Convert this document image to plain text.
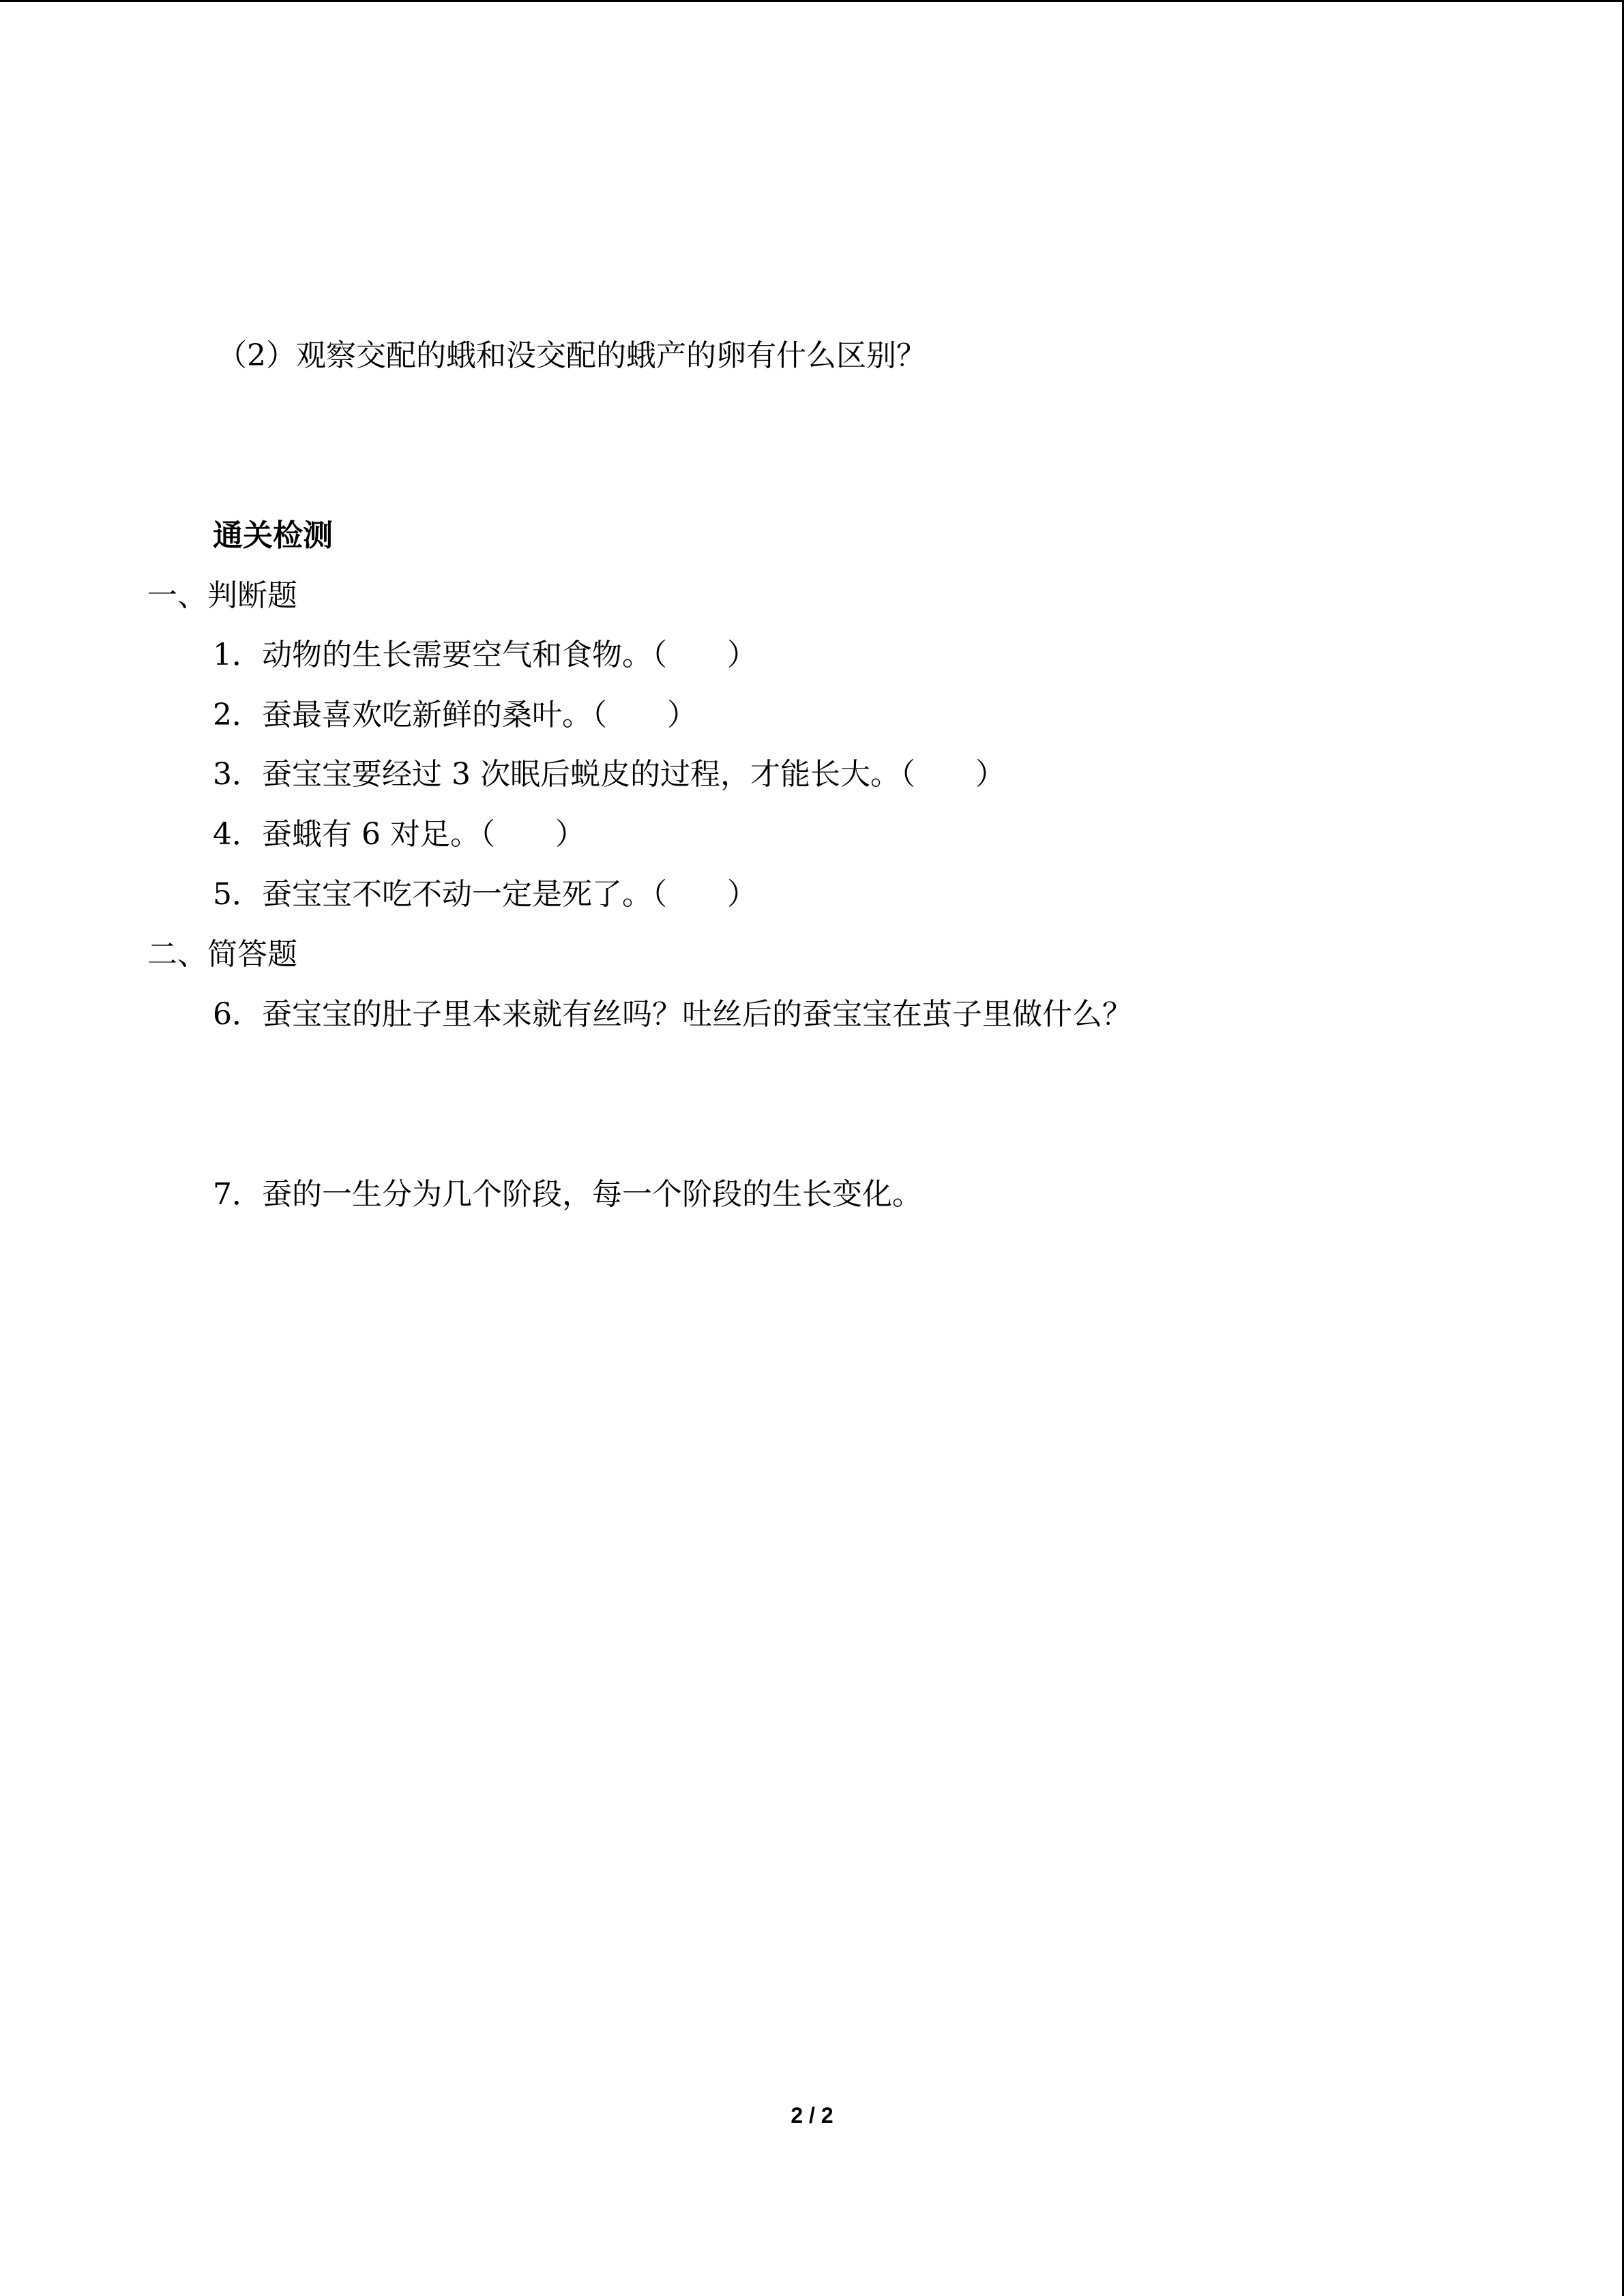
（2）观察交配的蛾和没交配的蛾产的卵有什么区别？
通关检测
一、判断题
1．动物的生长需要空气和食物。（　　）
2．蚕最喜欢吃新鲜的桑叶。（　　）
3．蚕宝宝要经过 3 次眠后蜕皮的过程，才能长大。（　　）
4．蚕蛾有 6 对足。（　　）
5．蚕宝宝不吃不动一定是死了。（　　）
二、简答题
6．蚕宝宝的肚子里本来就有丝吗？吐丝后的蚕宝宝在茧子里做什么？
7．蚕的一生分为几个阶段，每一个阶段的生长变化。
2 / 2
